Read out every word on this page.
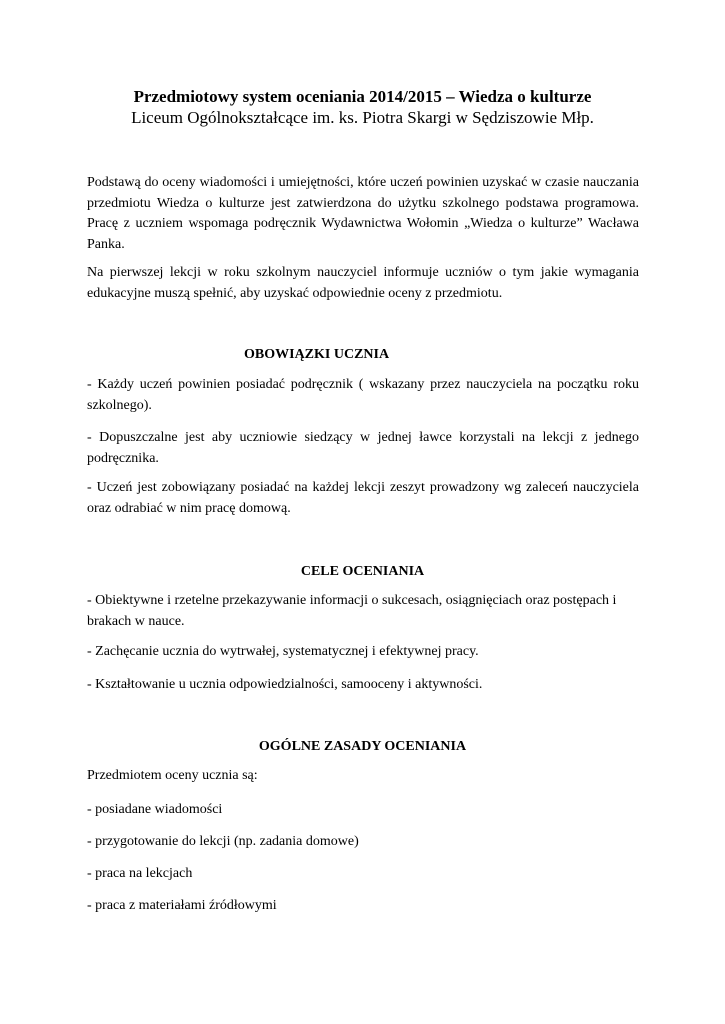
Przedmiotowy system oceniania 2014/2015 – Wiedza o kulturze

Liceum Ogólnokształcące im. ks. Piotra Skargi w Sędziszowie Młp.

Podstawą do oceny wiadomości i umiejętności, które uczeń powinien uzyskać w czasie nauczania przedmiotu Wiedza o kulturze jest zatwierdzona do użytku szkolnego podstawa programowa. Pracę z uczniem wspomaga podręcznik Wydawnictwa Wołomin „Wiedza o kulturze” Wacława Panka.

Na pierwszej lekcji w roku szkolnym nauczyciel informuje uczniów o tym jakie wymagania edukacyjne muszą spełnić, aby uzyskać odpowiednie oceny z przedmiotu.

OBOWIĄZKI UCZNIA

- Każdy uczeń powinien posiadać podręcznik ( wskazany przez nauczyciela na początku roku szkolnego).

- Dopuszczalne jest aby uczniowie siedzący w jednej ławce korzystali na lekcji z jednego podręcznika.

- Uczeń jest zobowiązany posiadać na każdej lekcji zeszyt prowadzony wg zaleceń nauczyciela oraz odrabiać w nim pracę domową.

CELE OCENIANIA

- Obiektywne i rzetelne przekazywanie informacji o sukcesach, osiągnięciach oraz postępach i brakach w nauce.

- Zachęcanie ucznia do wytrwałej, systematycznej i efektywnej pracy.

- Kształtowanie u ucznia odpowiedzialności, samooceny i aktywności.

OGÓLNE ZASADY OCENIANIA

Przedmiotem oceny ucznia są:

- posiadane wiadomości

- przygotowanie do lekcji (np. zadania domowe)

- praca na lekcjach

- praca z materiałami źródłowymi
